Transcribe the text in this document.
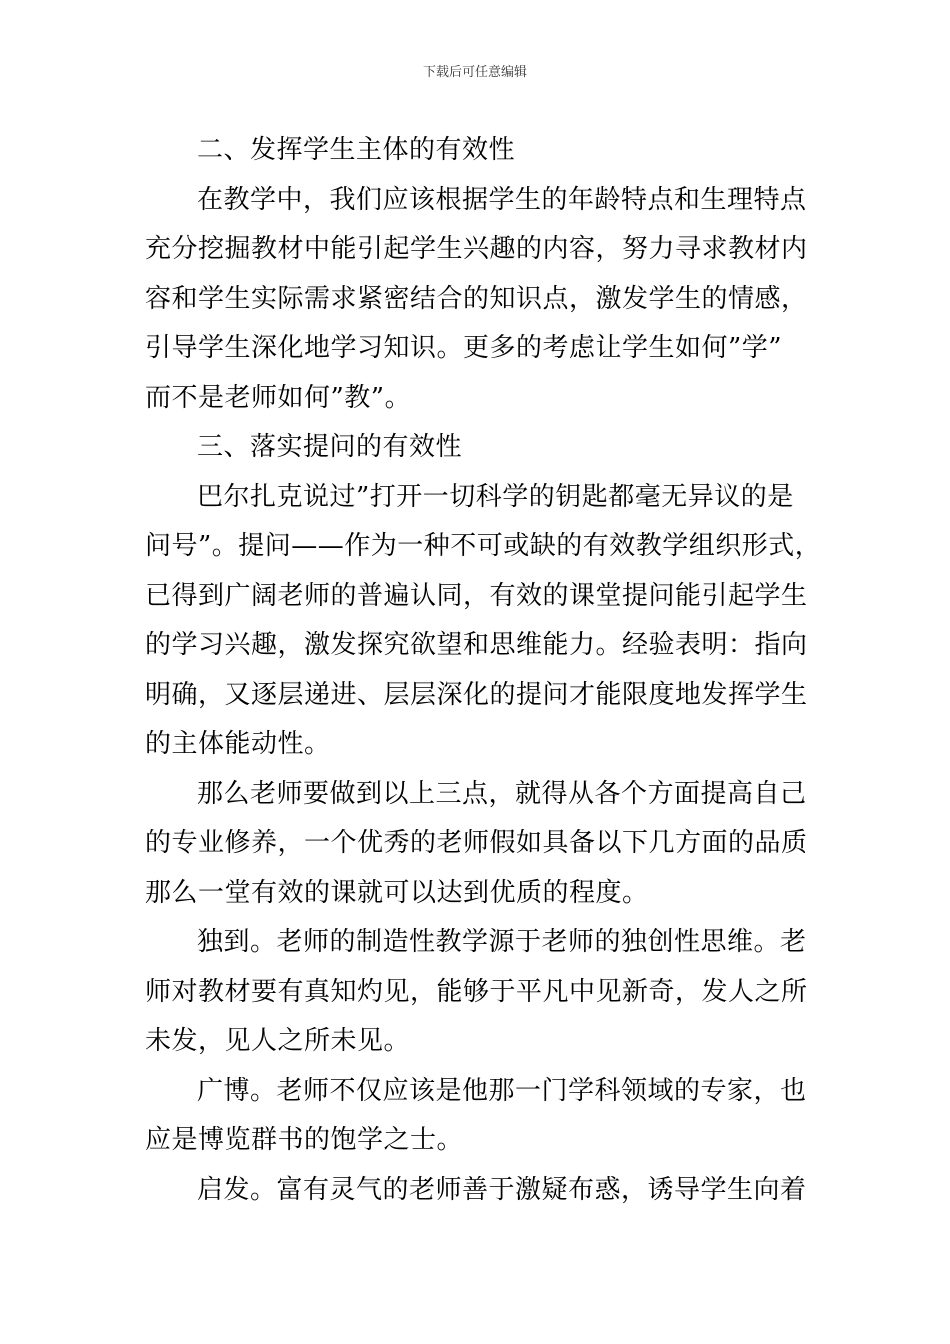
下载后可任意编辑
二、发挥学生主体的有效性
在教学中，我们应该根据学生的年龄特点和生理特点
充分挖掘教材中能引起学生兴趣的内容，努力寻求教材内
容和学生实际需求紧密结合的知识点，激发学生的情感，
引导学生深化地学习知识。更多的考虑让学生如何”学”
而不是老师如何”教”。
三、落实提问的有效性
巴尔扎克说过”打开一切科学的钥匙都毫无异议的是
问号”。提问——作为一种不可或缺的有效教学组织形式，
已得到广阔老师的普遍认同，有效的课堂提问能引起学生
的学习兴趣，激发探究欲望和思维能力。经验表明：指向
明确，又逐层递进、层层深化的提问才能限度地发挥学生
的主体能动性。
那么老师要做到以上三点，就得从各个方面提高自己
的专业修养，一个优秀的老师假如具备以下几方面的品质
那么一堂有效的课就可以达到优质的程度。
独到。老师的制造性教学源于老师的独创性思维。老
师对教材要有真知灼见，能够于平凡中见新奇，发人之所
未发，见人之所未见。
广博。老师不仅应该是他那一门学科领域的专家，也
应是博览群书的饱学之士。
启发。富有灵气的老师善于激疑布惑，诱导学生向着
